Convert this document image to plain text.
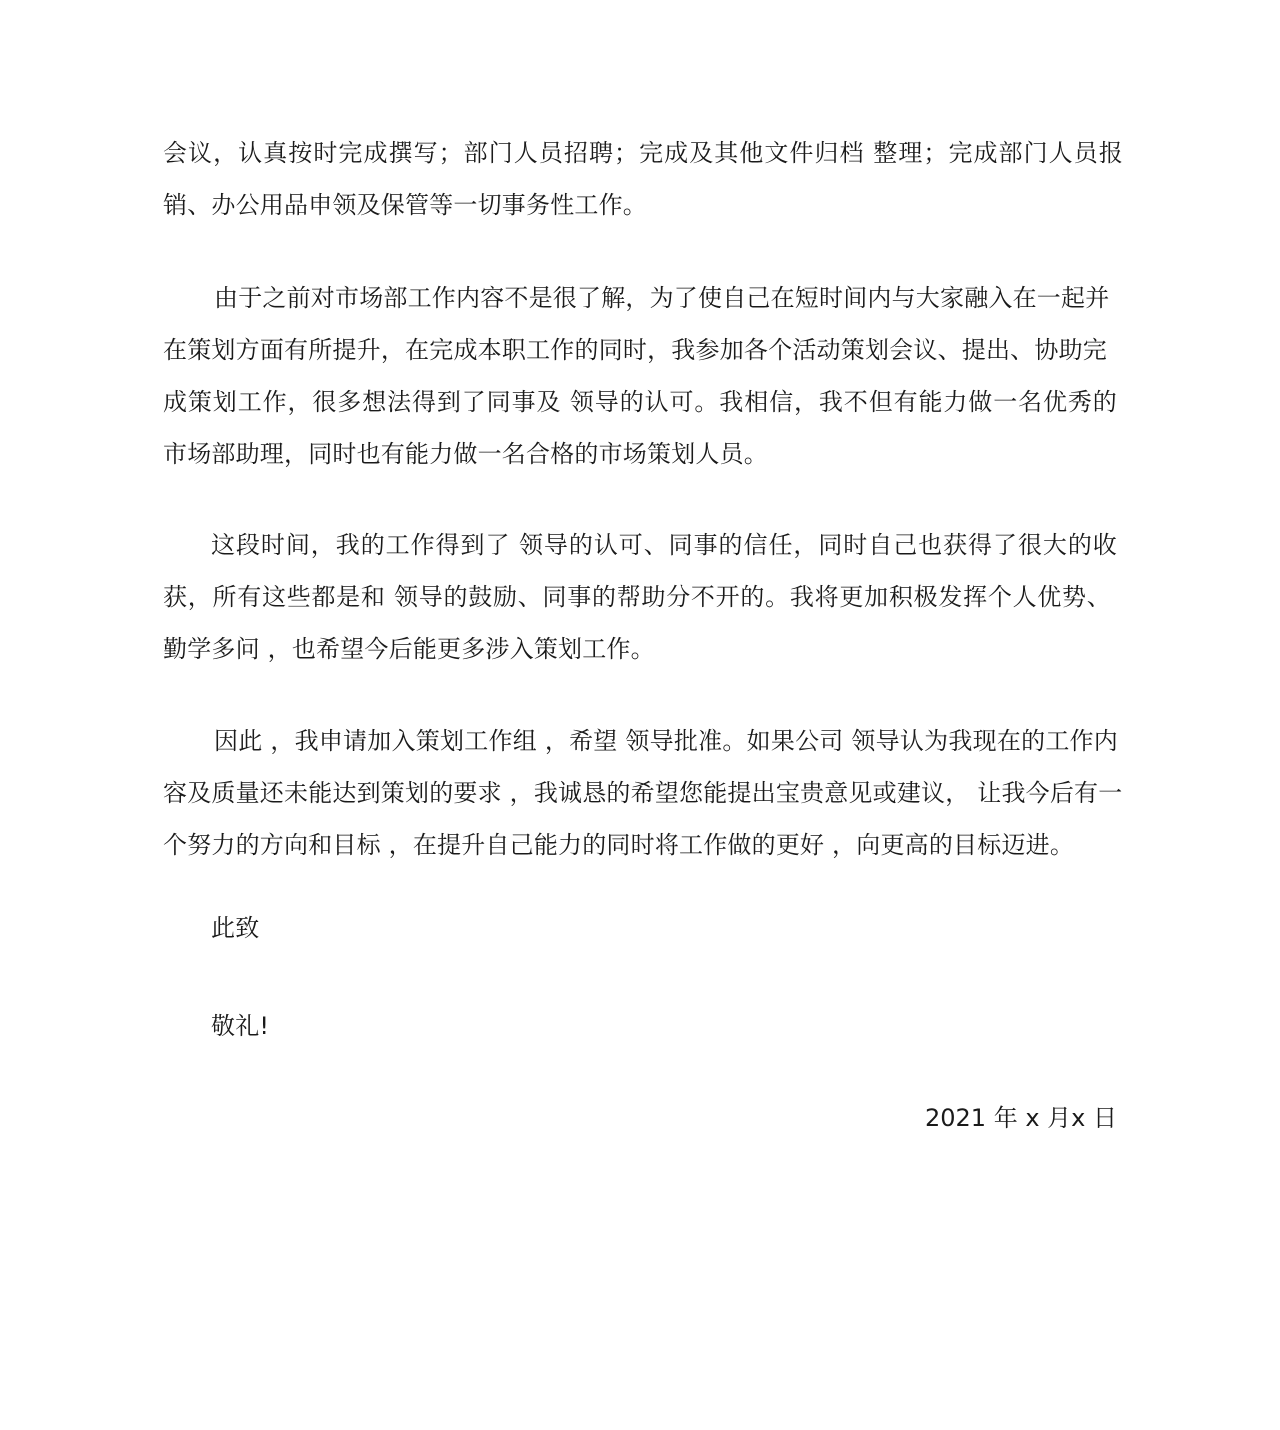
会议，认真按时完成撰写；部门人员招聘；完成及其他文件归档 整理；完成部门人员报
销、办公用品申领及保管等一切事务性工作。
由于之前对市场部工作内容不是很了解，为了使自己在短时间内与大家融入在一起并
在策划方面有所提升，在完成本职工作的同时，我参加各个活动策划会议、提出、协助完
成策划工作，很多想法得到了同事及 领导的认可。我相信，我不但有能力做一名优秀的
市场部助理，同时也有能力做一名合格的市场策划人员。
这段时间，我的工作得到了 领导的认可、同事的信任，同时自己也获得了很大的收
获，所有这些都是和 领导的鼓励、同事的帮助分不开的。我将更加积极发挥个人优势、
勤学多问 ，也希望今后能更多涉入策划工作。
因此 ，我申请加入策划工作组 ，希望 领导批准。如果公司 领导认为我现在的工作内
容及质量还未能达到策划的要求 ，我诚恳的希望您能提出宝贵意见或建议， 让我今后有一
个努力的方向和目标 ，在提升自己能力的同时将工作做的更好 ，向更高的目标迈进。
此致
敬礼!
2021 年 x 月x 日
